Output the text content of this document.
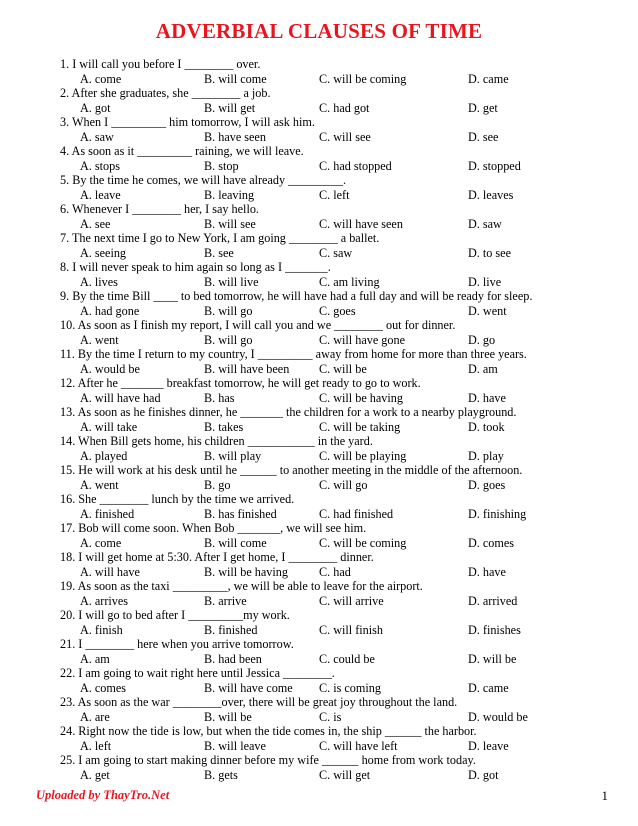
ADVERBIAL CLAUSES OF TIME
1. I will call you before I ________ over.
A. come	B. will come	C. will be coming	D. came
2. After she graduates, she ________ a job.
A. got	B. will get	C. had got	D. get
3. When I _________ him tomorrow, I will ask him.
A. saw	B. have seen	C. will see	D. see
4. As soon as it _________ raining, we will leave.
A. stops	B. stop	C. had stopped	D. stopped
5. By the time he comes, we will have already _________.
A. leave	B. leaving	C. left	D. leaves
6. Whenever I ________ her, I say hello.
A. see	B. will see	C. will have seen	D. saw
7. The next time I go to New York, I am going ________ a ballet.
A. seeing	B. see	C. saw	D. to see
8. I will never speak to him again so long as I _______.
A. lives	B. will live	C. am living	D. live
9. By the time Bill ____ to bed tomorrow, he will have had a full day and will be ready for sleep.
A. had gone	B. will go	C. goes	D. went
10. As soon as I finish my report, I will call you and we ________ out for dinner.
A. went	B. will go	C. will have gone	D. go
11. By the time I return to my country, I _________ away from home for more than three years.
A. would be	B. will have been C. will be	D. am
12. After he _______ breakfast tomorrow, he will get ready to go to work.
A. will have had	B. has	C. will be having	D. have
13. As soon as he finishes dinner, he _______ the children for a work to a nearby playground.
A. will take	B. takes	C. will be taking	D. took
14. When Bill gets home, his children ___________ in the yard.
A. played	B. will play	C. will be playing	D. play
15. He will work at his desk until he ______ to another meeting in the middle of the afternoon.
A. went	B. go	C. will go	D. goes
16. She ________ lunch by the time we arrived.
A. finished	B. has finished	C. had finished	D. finishing
17. Bob will come soon. When Bob _______, we will see him.
A. come	B. will come	C. will be coming	D. comes
18. I will get home at 5:30. After I get home, I ________ dinner.
A. will have	B. will be having	C. had	D. have
19. As soon as the taxi _________, we will be able to leave for the airport.
A. arrives	B. arrive	C. will arrive	D. arrived
20. I will go to bed after I _________my work.
A. finish	B. finished	C. will finish	D. finishes
21. I ________ here when you arrive tomorrow.
A. am	B. had been	C. could be	D. will be
22. I am going to wait right here until Jessica ________.
A. comes	B. will have come C. is coming	D. came
23. As soon as the war ________over, there will be great joy throughout the land.
A. are	B. will be	C. is	D. would be
24. Right now the tide is low, but when the tide comes in, the ship ______ the harbor.
A. left	B. will leave	C. will have left	D. leave
25. I am going to start making dinner before my wife ______ home from work today.
A. get	B. gets	C. will get	D. got
Uploaded by ThayTro.Net	1
